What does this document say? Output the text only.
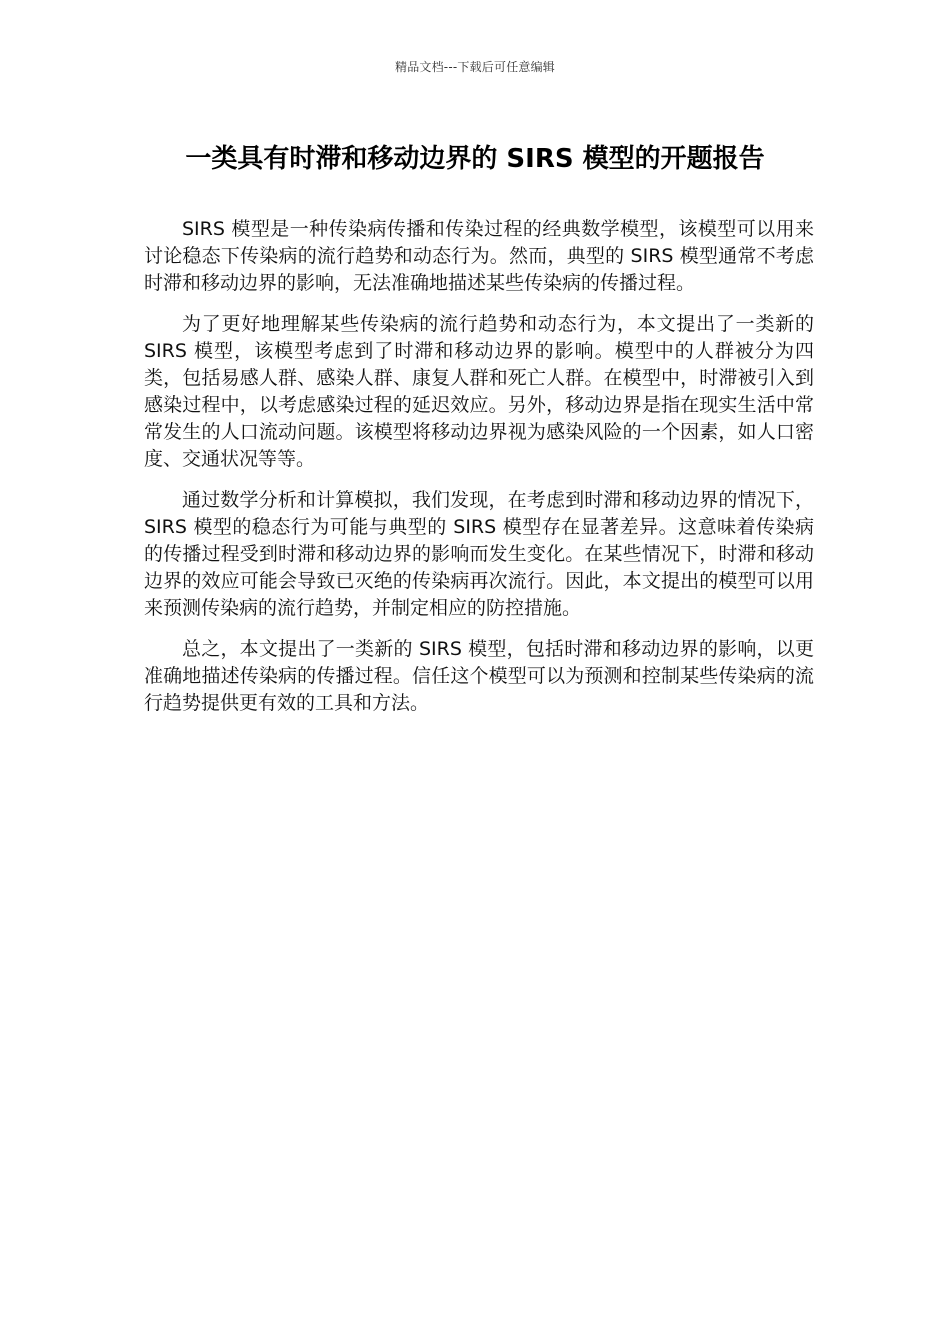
精品文档---下载后可任意编辑
一类具有时滞和移动边界的 SIRS 模型的开题报告

SIRS 模型是一种传染病传播和传染过程的经典数学模型，该模型可以用来讨论稳态下传染病的流行趋势和动态行为。然而，典型的 SIRS 模型通常不考虑时滞和移动边界的影响，无法准确地描述某些传染病的传播过程。

为了更好地理解某些传染病的流行趋势和动态行为，本文提出了一类新的 SIRS 模型，该模型考虑到了时滞和移动边界的影响。模型中的人群被分为四类，包括易感人群、感染人群、康复人群和死亡人群。在模型中，时滞被引入到感染过程中，以考虑感染过程的延迟效应。另外，移动边界是指在现实生活中常常发生的人口流动问题。该模型将移动边界视为感染风险的一个因素，如人口密度、交通状况等等。

通过数学分析和计算模拟，我们发现，在考虑到时滞和移动边界的情况下，SIRS 模型的稳态行为可能与典型的 SIRS 模型存在显著差异。这意味着传染病的传播过程受到时滞和移动边界的影响而发生变化。在某些情况下，时滞和移动边界的效应可能会导致已灭绝的传染病再次流行。因此，本文提出的模型可以用来预测传染病的流行趋势，并制定相应的防控措施。

总之，本文提出了一类新的 SIRS 模型，包括时滞和移动边界的影响，以更准确地描述传染病的传播过程。信任这个模型可以为预测和控制某些传染病的流行趋势提供更有效的工具和方法。
